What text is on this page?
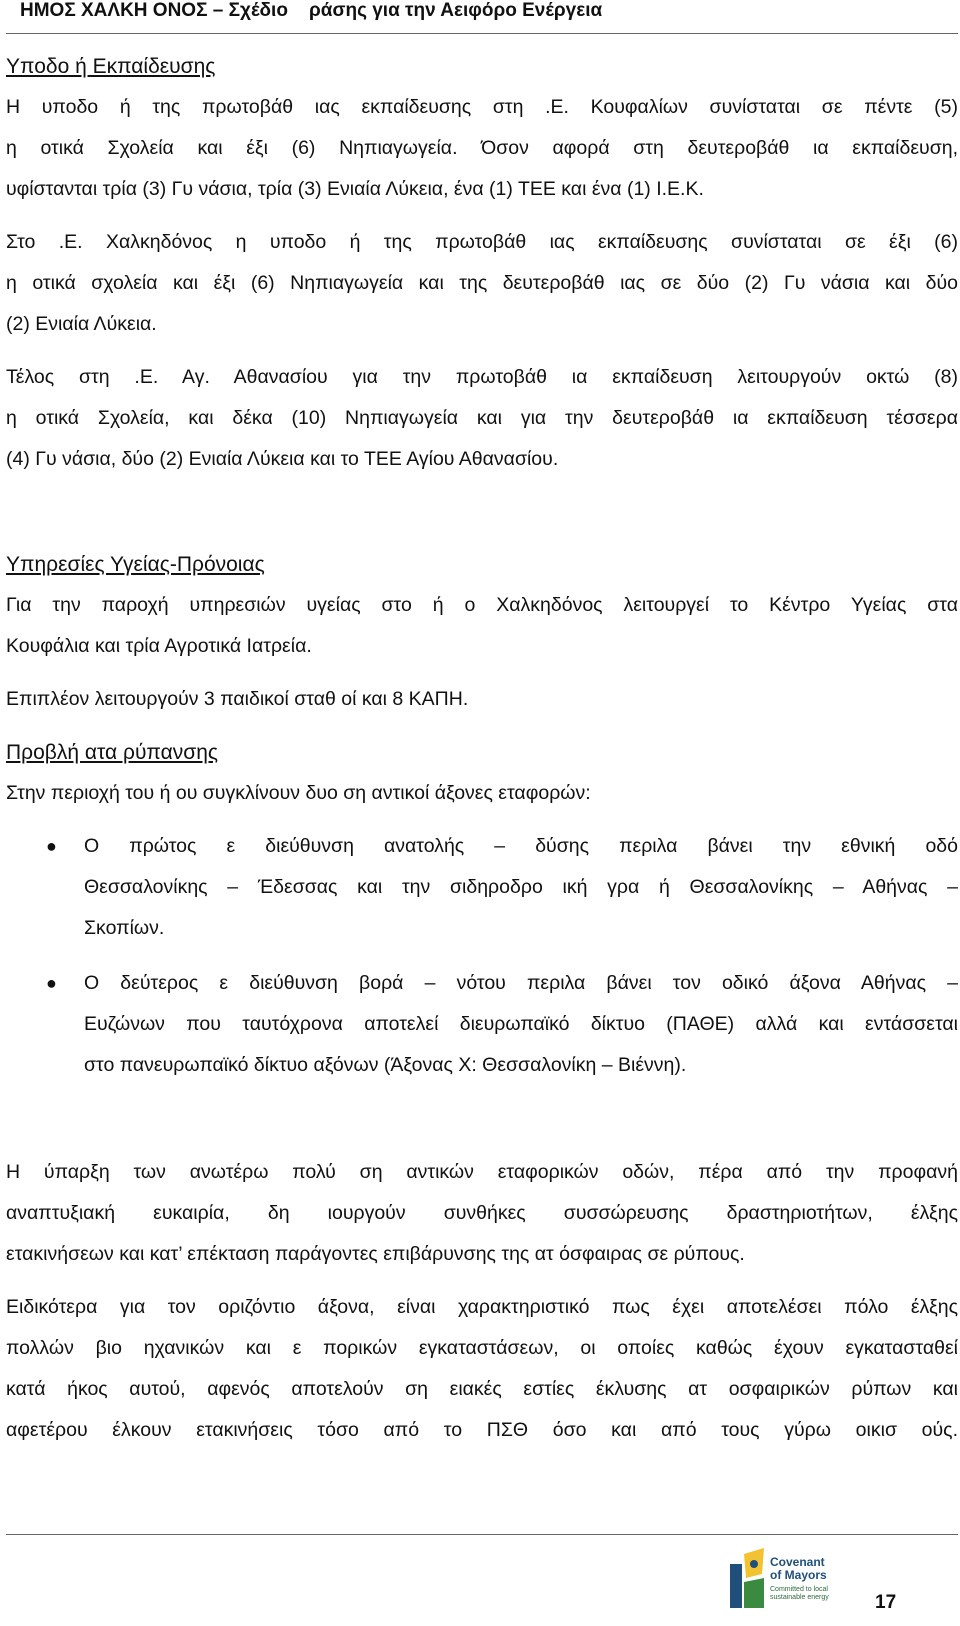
ΗΜΟΣ ΧΑΛΚΗ ΟΝΟΣ – Σχέδιο    ράσης για την Αειφόρο Ενέργεια

Υποδο ή Εκπαίδευσης

Η υποδο ή της πρωτοβάθ ιας εκπαίδευσης στη .Ε. Κουφαλίων συνίσταται σε πέντε (5)

η οτικά Σχολεία και έξι (6) Νηπιαγωγεία. Όσον αφορά στη δευτεροβάθ ια εκπαίδευση,

υφίστανται τρία (3) Γυ νάσια, τρία (3) Ενιαία Λύκεια, ένα (1) ΤΕΕ και ένα (1) Ι.Ε.Κ.

Στο .Ε. Χαλκηδόνος η υποδο ή της πρωτοβάθ ιας εκπαίδευσης συνίσταται σε έξι (6)

η οτικά σχολεία και έξι (6) Νηπιαγωγεία και της δευτεροβάθ ιας σε δύο (2) Γυ νάσια και δύο

(2) Ενιαία Λύκεια.

Τέλος στη .Ε. Αγ. Αθανασίου για την πρωτοβάθ ια εκπαίδευση λειτουργούν οκτώ (8)

η οτικά Σχολεία, και δέκα (10) Νηπιαγωγεία και για την δευτεροβάθ ια εκπαίδευση τέσσερα

(4) Γυ νάσια, δύο (2) Ενιαία Λύκεια και το ΤΕΕ Αγίου Αθανασίου.

Υπηρεσίες Υγείας-Πρόνοιας

Για την παροχή υπηρεσιών υγείας στο ή ο Χαλκηδόνος λειτουργεί το Κέντρο Υγείας στα

Κουφάλια και τρία Αγροτικά Ιατρεία.

Επιπλέον λειτουργούν 3 παιδικοί σταθ οί και 8 ΚΑΠΗ.

Προβλή ατα ρύπανσης

Στην περιοχή του ή ου συγκλίνουν δυο ση αντικοί άξονες εταφορών:

● Ο πρώτος ε διεύθυνση ανατολής – δύσης περιλα βάνει την εθνική οδό

Θεσσαλονίκης – Έδεσσας και την σιδηροδρο ική γρα ή Θεσσαλονίκης – Αθήνας –

Σκοπίων.

● Ο δεύτερος ε διεύθυνση βορά – νότου περιλα βάνει τον οδικό άξονα Αθήνας –

Ευζώνων που ταυτόχρονα αποτελεί διευρωπαϊκό δίκτυο (ΠΑΘΕ) αλλά και εντάσσεται

στο πανευρωπαϊκό δίκτυο αξόνων (Άξονας Χ: Θεσσαλονίκη – Βιέννη).

Η ύπαρξη των ανωτέρω πολύ ση αντικών εταφορικών οδών, πέρα από την προφανή

αναπτυξιακή ευκαιρία, δη ιουργούν συνθήκες συσσώρευσης δραστηριοτήτων, έλξης

ετακινήσεων και κατ’ επέκταση παράγοντες επιβάρυνσης της ατ όσφαιρας σε ρύπους.

Ειδικότερα για τον οριζόντιο άξονα, είναι χαρακτηριστικό πως έχει αποτελέσει πόλο έλξης

πολλών βιο ηχανικών και ε πορικών εγκαταστάσεων, οι οποίες καθώς έχουν εγκατασταθεί

κατά ήκος αυτού, αφενός αποτελούν ση ειακές εστίες έκλυσης ατ οσφαιρικών ρύπων και

αφετέρου έλκουν ετακινήσεις τόσο από το ΠΣΘ όσο και από τους γύρω οικισ ούς.

Covenant
of Mayors
Committed to local
sustainable energy 17
